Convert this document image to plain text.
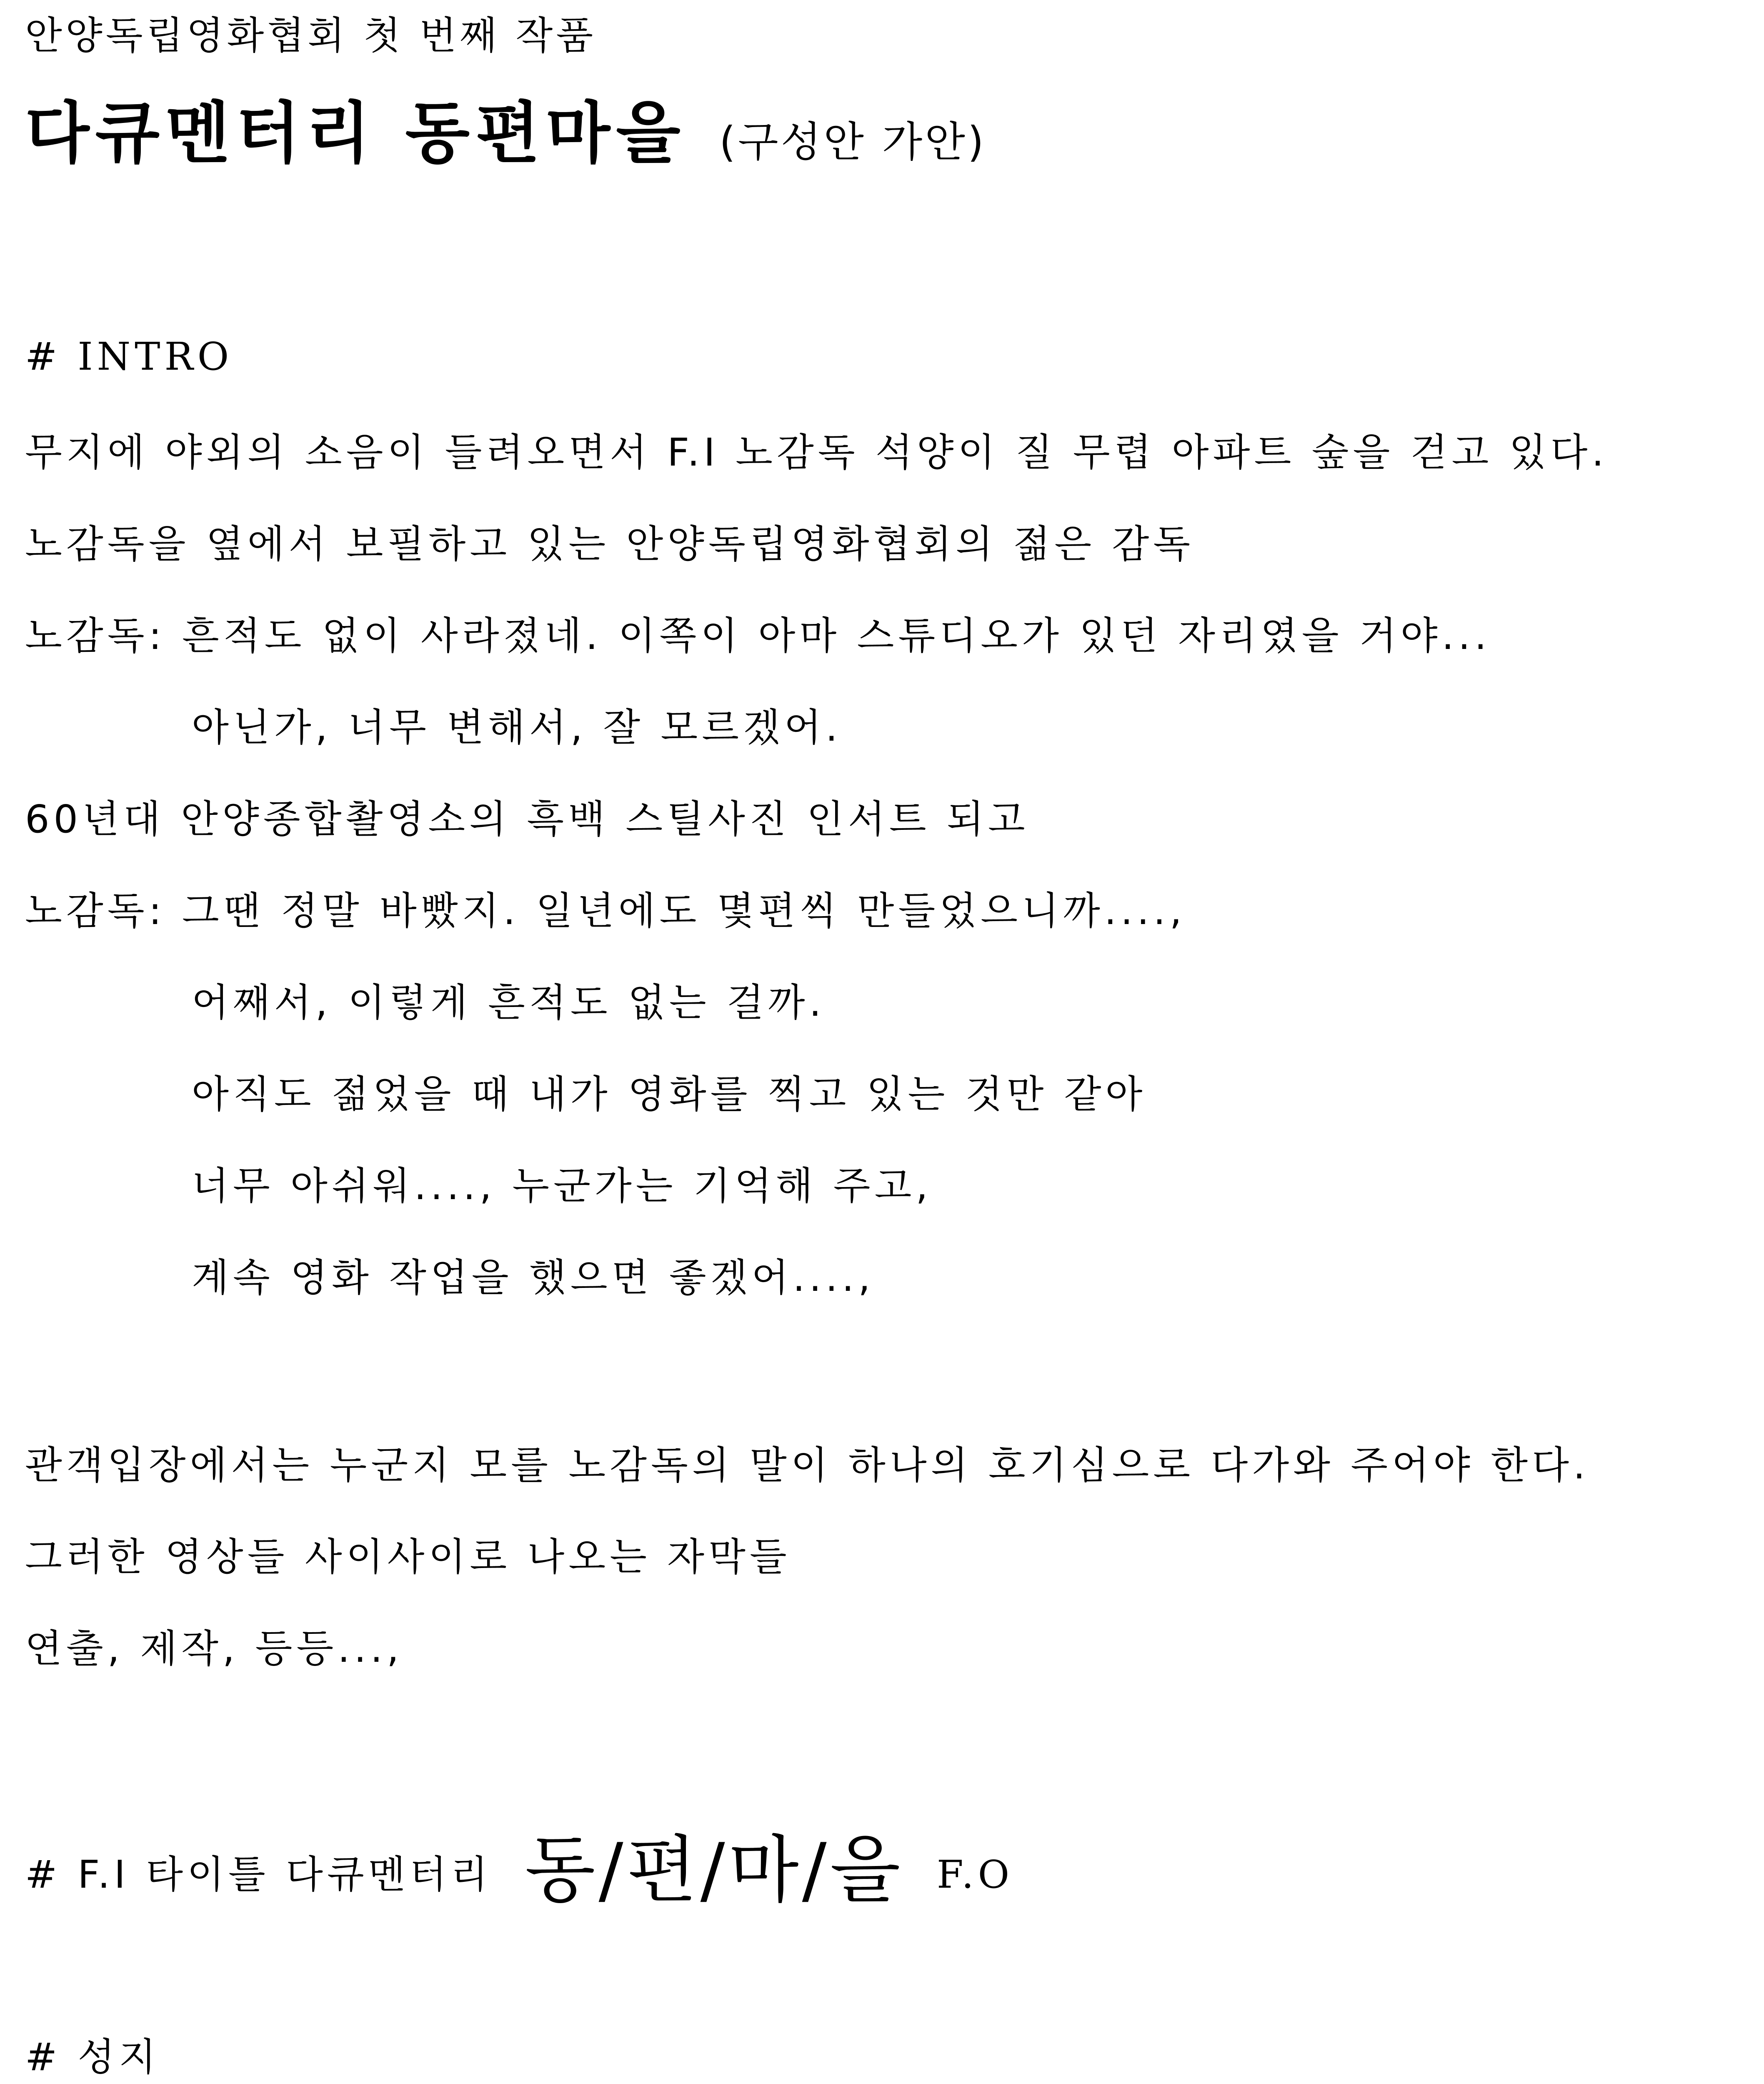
안양독립영화협회 첫 번째 작품
다큐멘터리 동편마을 (구성안 가안)
# INTRO
무지에 야외의 소음이 들려오면서 F.I 노감독 석양이 질 무렵 아파트 숲을 걷고 있다.
노감독을 옆에서 보필하고 있는 안양독립영화협회의 젊은 감독
노감독: 흔적도 없이 사라졌네. 이쪽이 아마 스튜디오가 있던 자리였을 거야...
아닌가, 너무 변해서, 잘 모르겠어.
60년대 안양종합촬영소의 흑백 스틸사진 인서트 되고
노감독: 그땐 정말 바빴지. 일년에도 몇편씩 만들었으니까....,
어째서, 이렇게 흔적도 없는 걸까.
아직도 젊었을 때 내가 영화를 찍고 있는 것만 같아
너무 아쉬워...., 누군가는 기억해 주고,
계속 영화 작업을 했으면 좋겠어....,
관객입장에서는 누군지 모를 노감독의 말이 하나의 호기심으로 다가와 주어야 한다.
그러한 영상들 사이사이로 나오는 자막들
연출, 제작, 등등...,
# F.I 타이틀 다큐멘터리 동/편/마/을 F.O
# 성지
